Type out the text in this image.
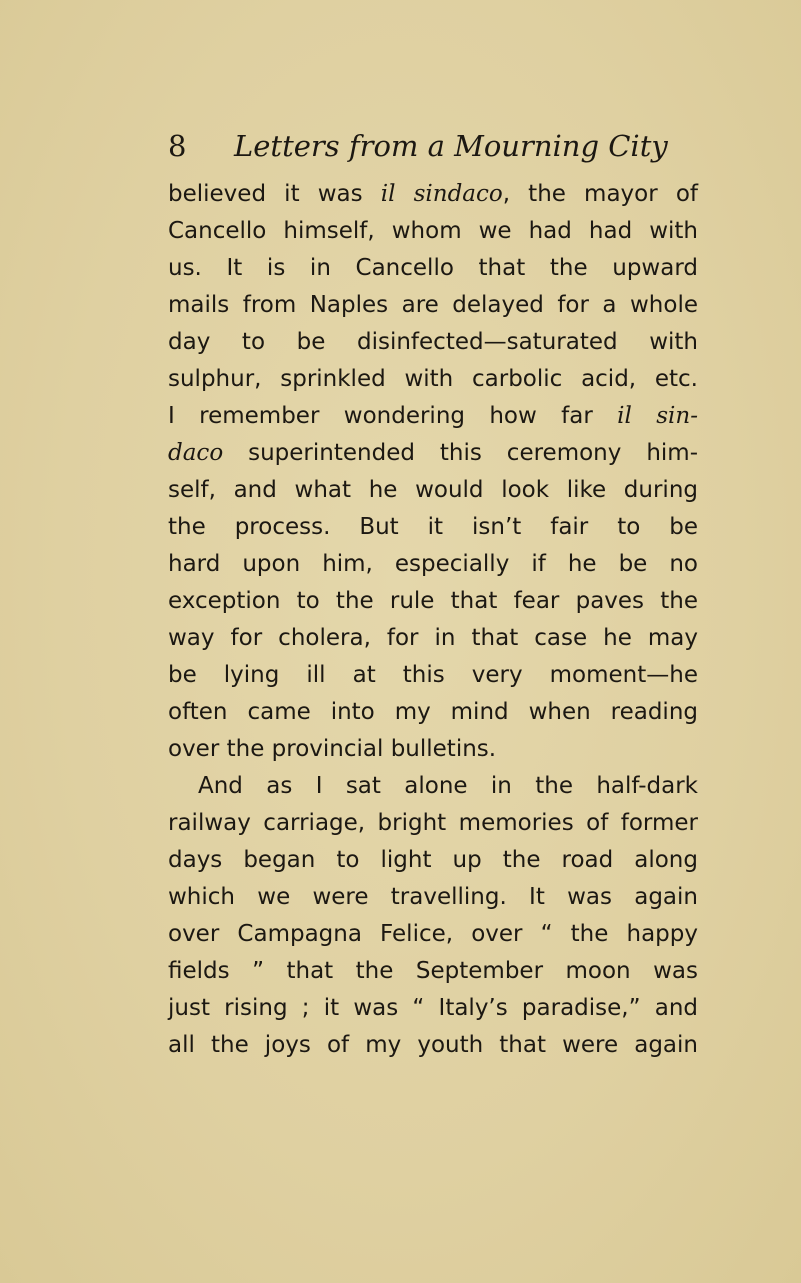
8 Letters from a Mourning City
believed it was il sindaco, the mayor of
Cancello himself, whom we had had with
us. It is in Cancello that the upward
mails from Naples are delayed for a whole
day to be disinfected—saturated with
sulphur, sprinkled with carbolic acid, etc.
I remember wondering how far il sin-
daco superintended this ceremony him-
self, and what he would look like during
the process. But it isn’t fair to be
hard upon him, especially if he be no
exception to the rule that fear paves the
way for cholera, for in that case he may
be lying ill at this very moment—he
often came into my mind when reading
over the provincial bulletins.
And as I sat alone in the half-dark
railway carriage, bright memories of former
days began to light up the road along
which we were travelling. It was again
over Campagna Felice, over “ the happy
fields ” that the September moon was
just rising ; it was “ Italy’s paradise,” and
all the joys of my youth that were again
